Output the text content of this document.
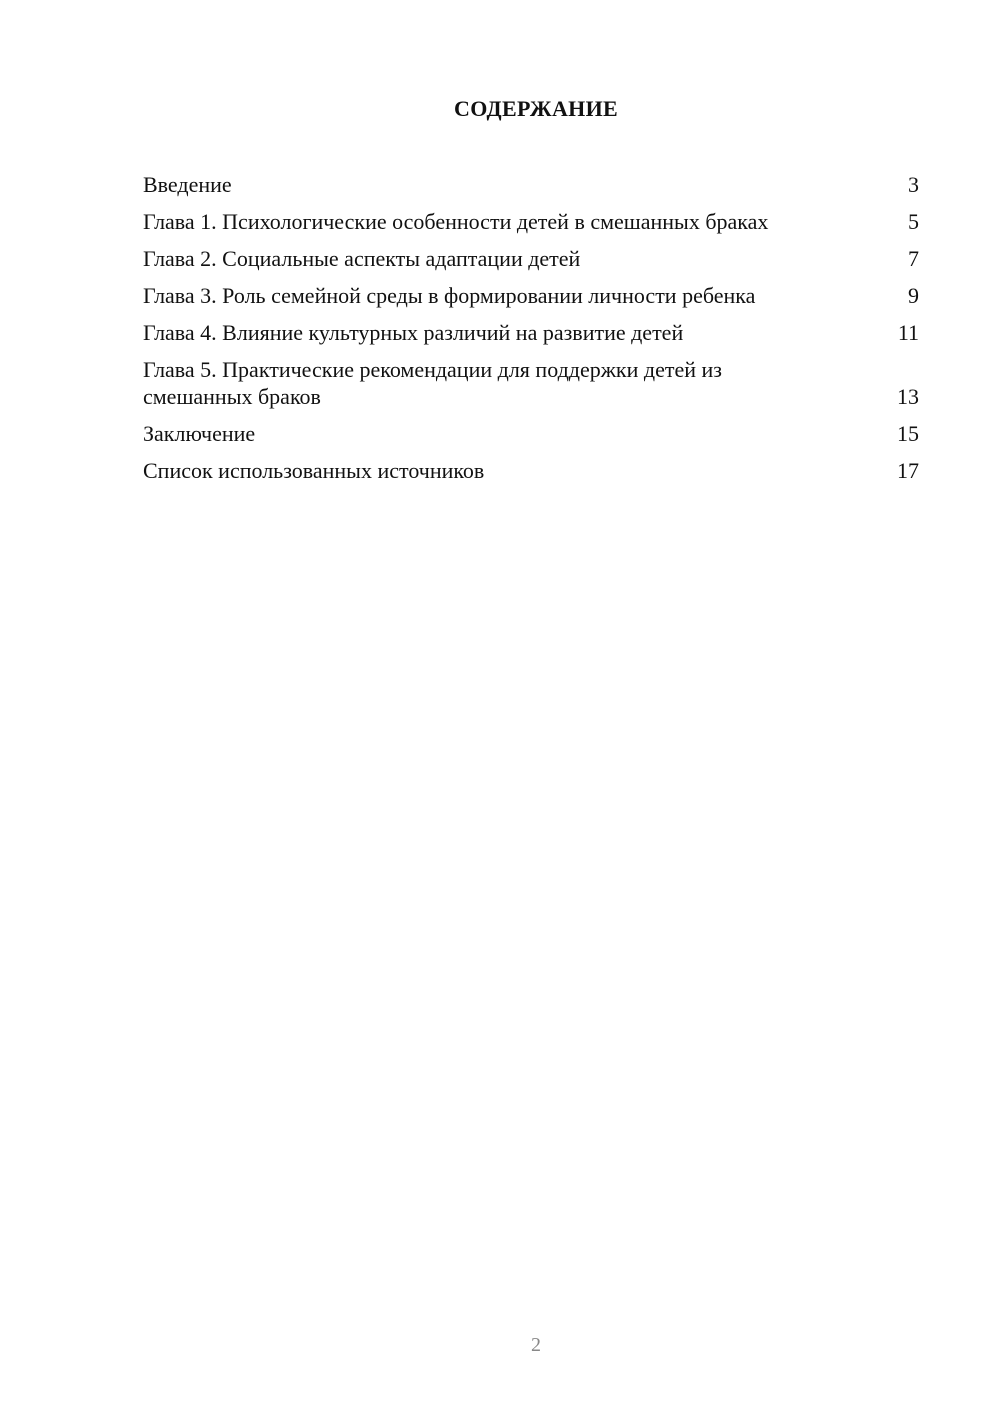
СОДЕРЖАНИЕ
Введение	3
Глава 1. Психологические особенности детей в смешанных браках	5
Глава 2. Социальные аспекты адаптации детей	7
Глава 3. Роль семейной среды в формировании личности ребенка	9
Глава 4. Влияние культурных различий на развитие детей	11
Глава 5. Практические рекомендации для поддержки детей из смешанных браков	13
Заключение	15
Список использованных источников	17
2
